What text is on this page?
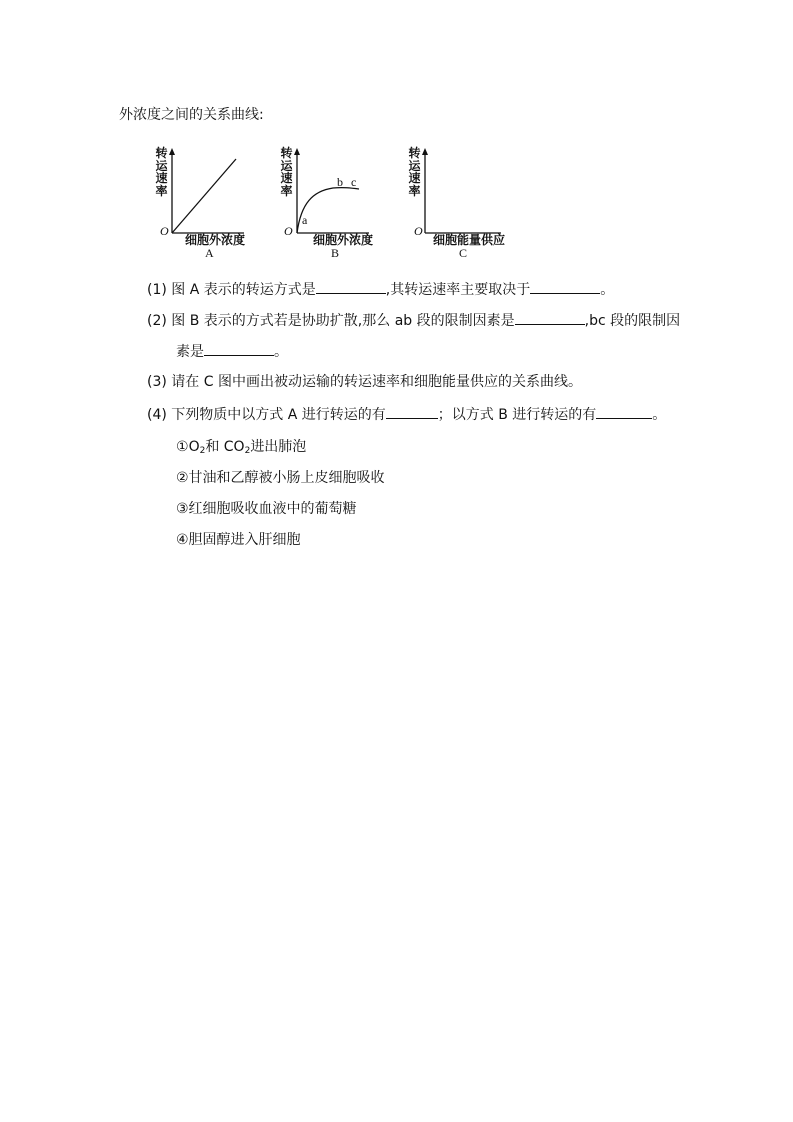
外浓度之间的关系曲线:
转
运
速
率
O
细胞外浓度
A
转
运
速
率
O
a
b c
细胞外浓度
B
转
运
速
率
O
细胞能量供应
C
(1) 图 A 表示的转运方式是	,其转运速率主要取决于	。
(2) 图 B 表示的方式若是协助扩散,那么 ab 段的限制因素是	,bc 段的限制因
素是	。
(3) 请在 C 图中画出被动运输的转运速率和细胞能量供应的关系曲线。
(4) 下列物质中以方式 A 进行转运的有	；以方式 B 进行转运的有	。
$①O_2$和 $CO_2$进出肺泡
②甘油和乙醇被小肠上皮细胞吸收
③红细胞吸收血液中的葡萄糖
④胆固醇进入肝细胞
